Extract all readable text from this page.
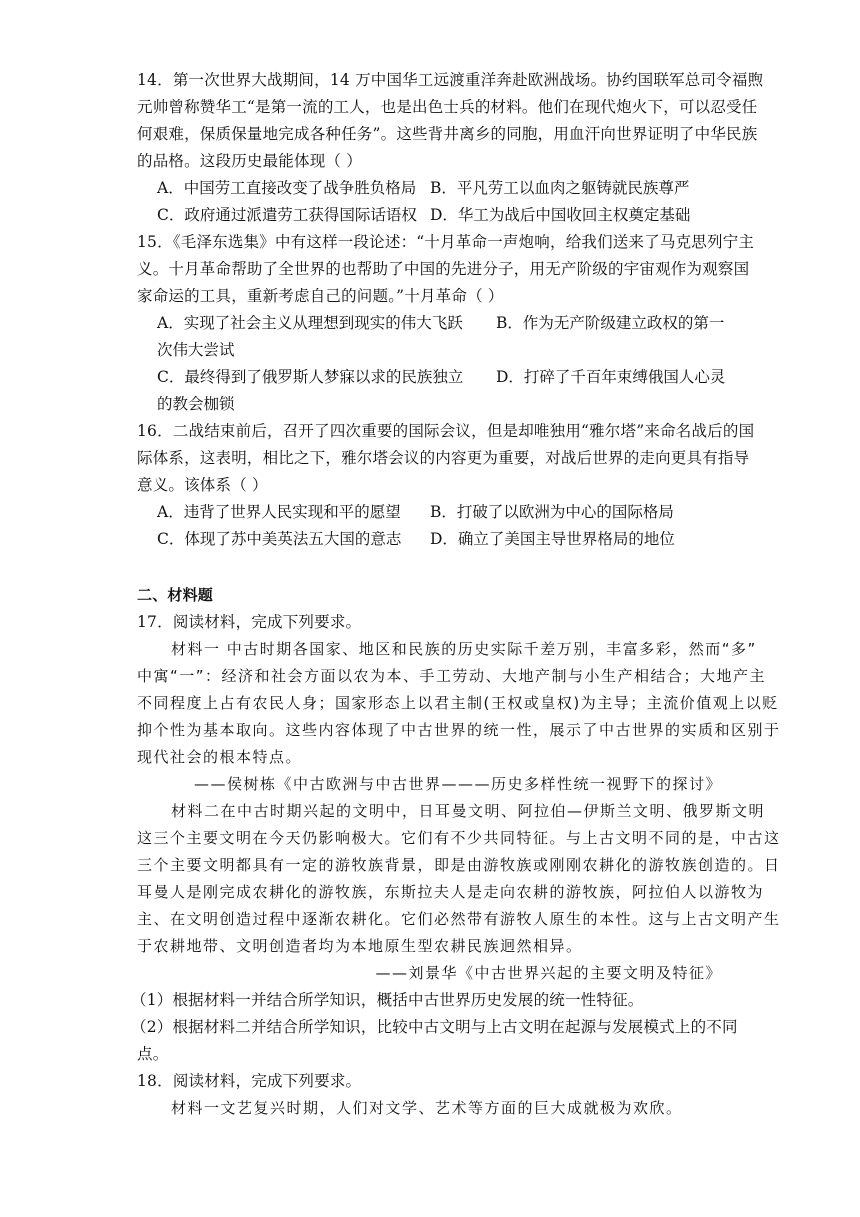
14．第一次世界大战期间，14 万中国华工远渡重洋奔赴欧洲战场。协约国联军总司令福煦
元帅曾称赞华工“是第一流的工人，也是出色士兵的材料。他们在现代炮火下，可以忍受任
何艰难，保质保量地完成各种任务”。这些背井离乡的同胞，用血汗向世界证明了中华民族
的品格。这段历史最能体现（ ）
A．中国劳工直接改变了战争胜负格局 B．平凡劳工以血肉之躯铸就民族尊严
C．政府通过派遣劳工获得国际话语权 D．华工为战后中国收回主权奠定基础
15．《毛泽东选集》中有这样一段论述：“十月革命一声炮响，给我们送来了马克思列宁主
义。十月革命帮助了全世界的也帮助了中国的先进分子，用无产阶级的宇宙观作为观察国
家命运的工具，重新考虑自己的问题。”十月革命（ ）
A．实现了社会主义从理想到现实的伟大飞跃 B．作为无产阶级建立政权的第一
次伟大尝试
C．最终得到了俄罗斯人梦寐以求的民族独立 D．打碎了千百年束缚俄国人心灵
的教会枷锁
16．二战结束前后，召开了四次重要的国际会议，但是却唯独用“雅尔塔”来命名战后的国
际体系，这表明，相比之下，雅尔塔会议的内容更为重要，对战后世界的走向更具有指导
意义。该体系（ ）
A．违背了世界人民实现和平的愿望 B．打破了以欧洲为中心的国际格局
C．体现了苏中美英法五大国的意志 D．确立了美国主导世界格局的地位
二、材料题
17．阅读材料，完成下列要求。
材料一 中古时期各国家、地区和民族的历史实际千差万别，丰富多彩，然而“多”
中寓“一”：经济和社会方面以农为本、手工劳动、大地产制与小生产相结合；大地产主
不同程度上占有农民人身；国家形态上以君主制(王权或皇权)为主导；主流价值观上以贬
抑个性为基本取向。这些内容体现了中古世界的统一性，展示了中古世界的实质和区别于
现代社会的根本特点。
——侯树栋《中古欧洲与中古世界———历史多样性统一视野下的探讨》
材料二在中古时期兴起的文明中，日耳曼文明、阿拉伯—伊斯兰文明、俄罗斯文明
这三个主要文明在今天仍影响极大。它们有不少共同特征。与上古文明不同的是，中古这
三个主要文明都具有一定的游牧族背景，即是由游牧族或刚刚农耕化的游牧族创造的。日
耳曼人是刚完成农耕化的游牧族，东斯拉夫人是走向农耕的游牧族，阿拉伯人以游牧为
主、在文明创造过程中逐渐农耕化。它们必然带有游牧人原生的本性。这与上古文明产生
于农耕地带、文明创造者均为本地原生型农耕民族迥然相异。
——刘景华《中古世界兴起的主要文明及特征》
（1）根据材料一并结合所学知识，概括中古世界历史发展的统一性特征。
（2）根据材料二并结合所学知识，比较中古文明与上古文明在起源与发展模式上的不同
点。
18．阅读材料，完成下列要求。
材料一文艺复兴时期，人们对文学、艺术等方面的巨大成就极为欢欣。
